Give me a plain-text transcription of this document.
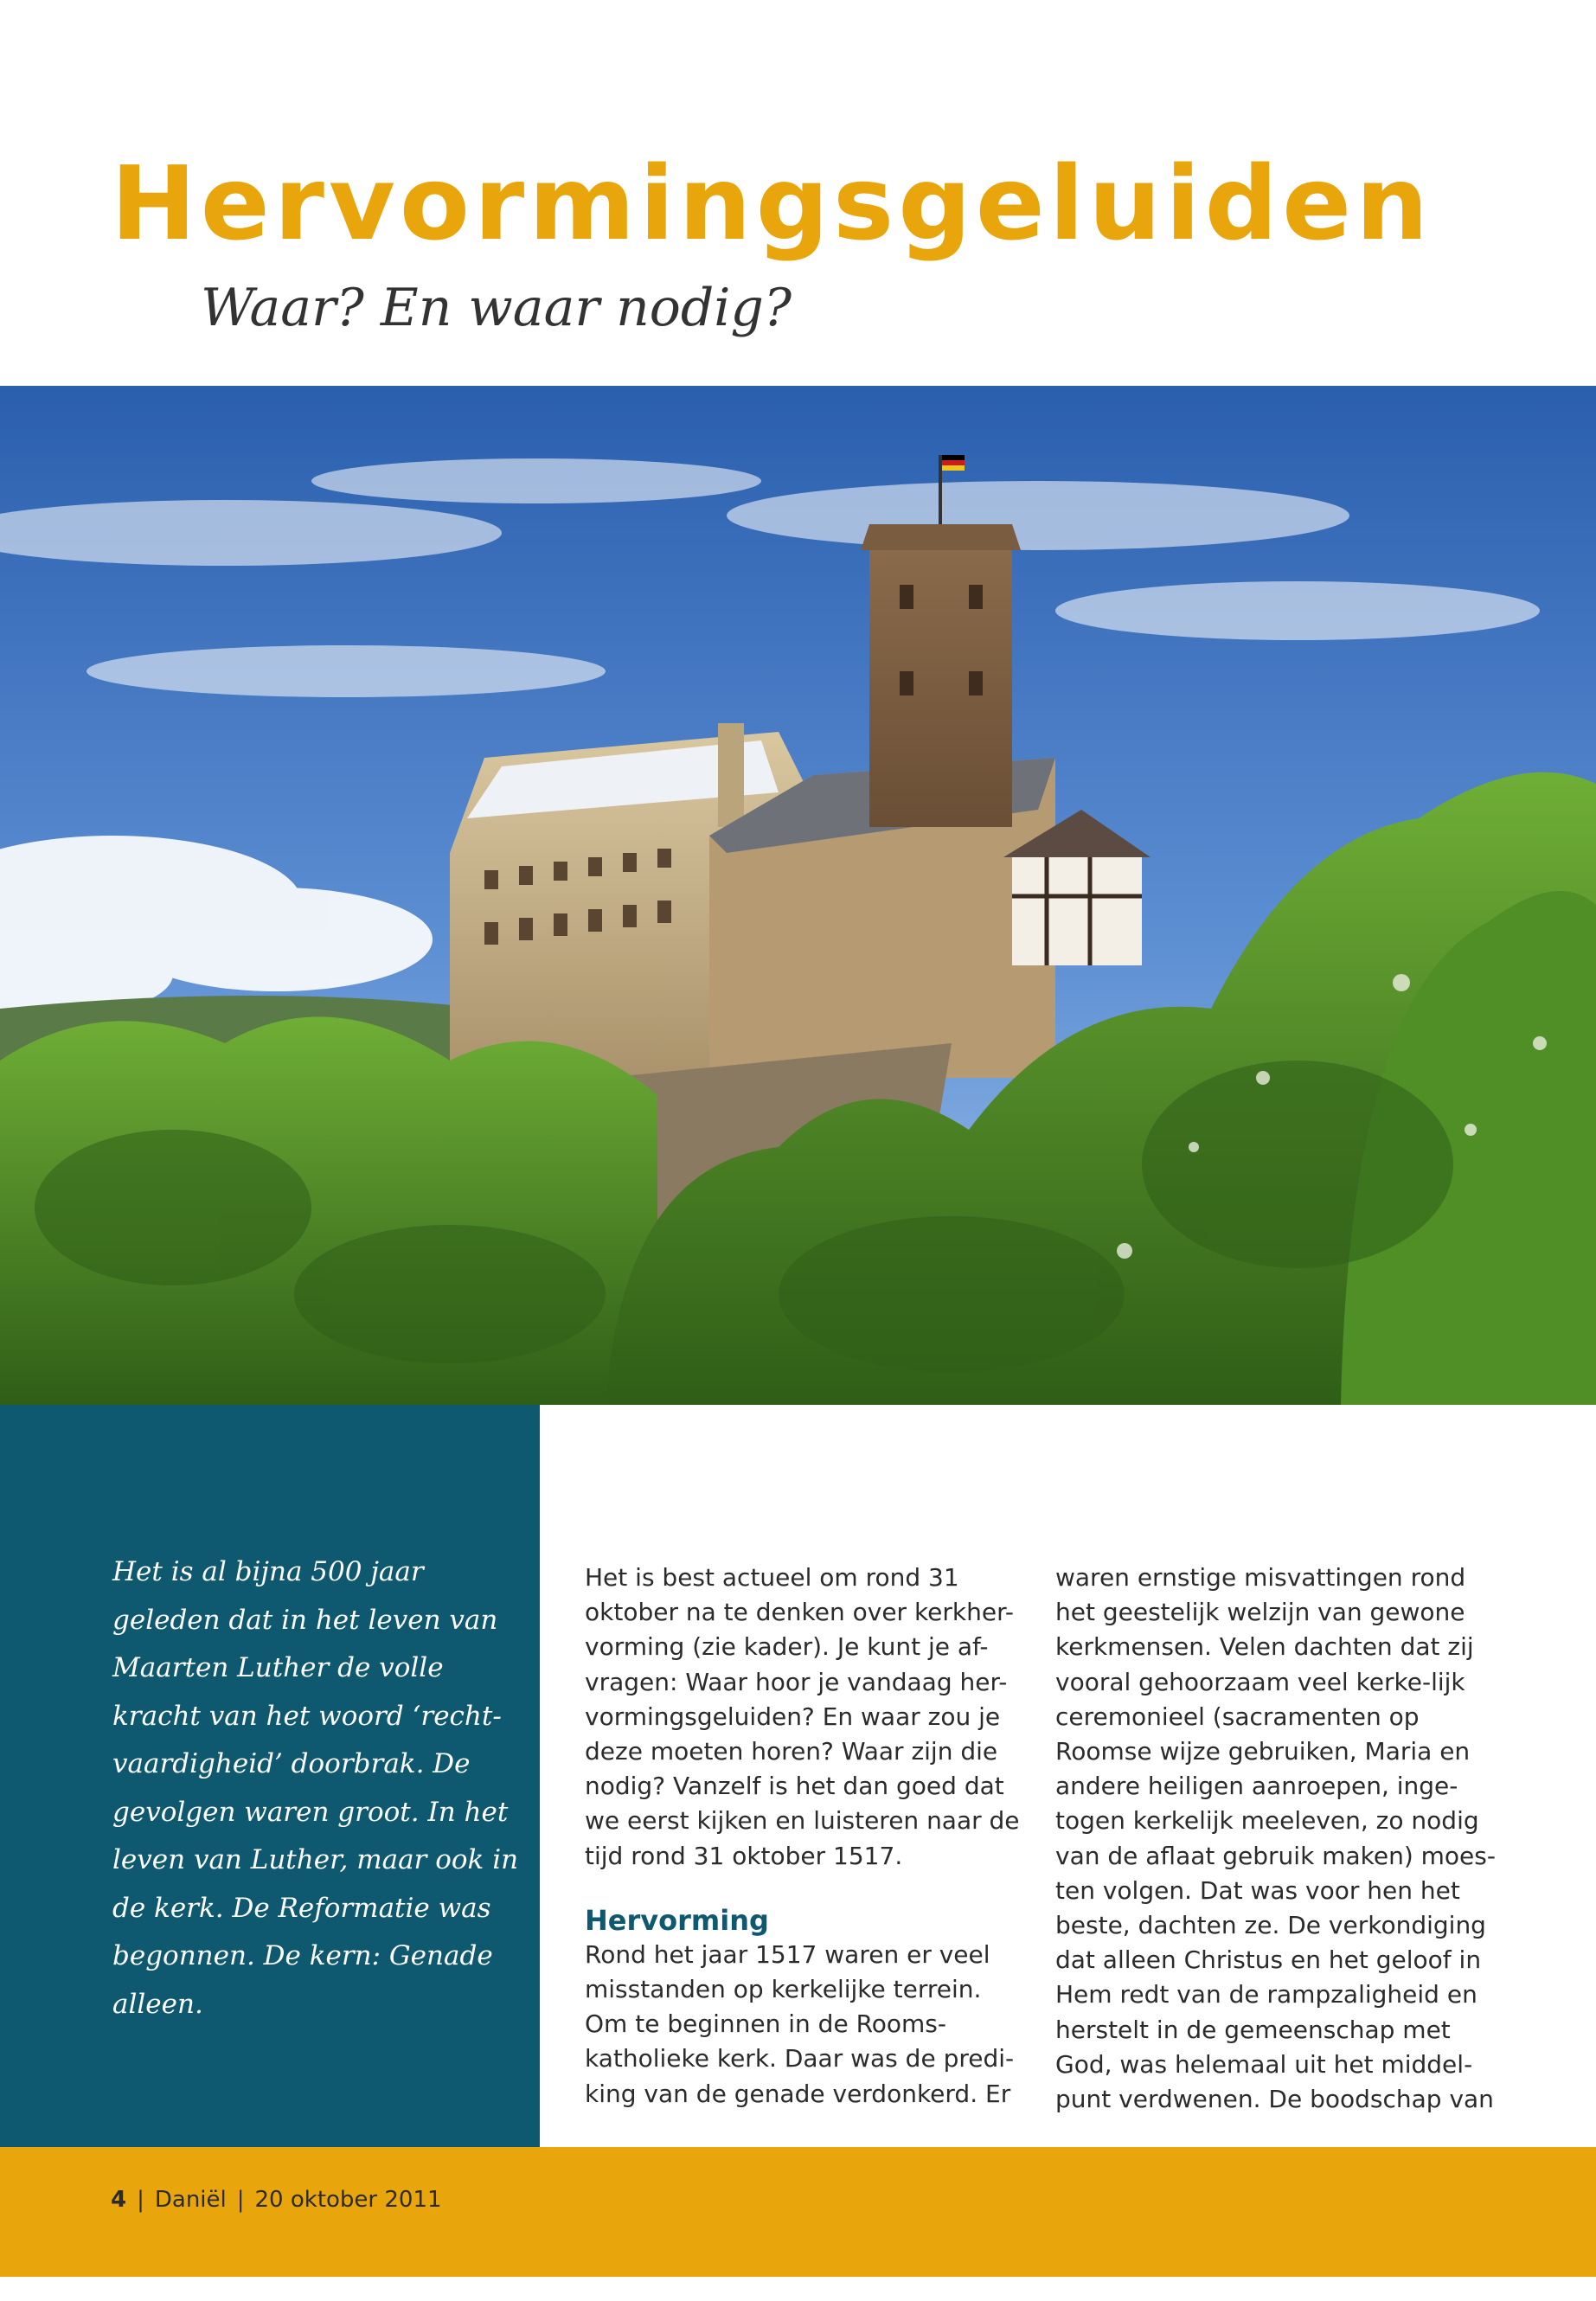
Hervormingsgeluiden
Waar? En waar nodig?
Het is al bijna 500 jaar geleden dat in het leven van Maarten Luther de volle kracht van het woord ‘recht-vaardigheid’ doorbrak. De gevolgen waren groot. In het leven van Luther, maar ook in de kerk. De Reformatie was begonnen. De kern: Genade alleen.

Het is best actueel om rond 31 oktober na te denken over kerkher-vorming (zie kader). Je kunt je af-vragen: Waar hoor je vandaag her-vormingsgeluiden? En waar zou je deze moeten horen? Waar zijn die nodig? Vanzelf is het dan goed dat we eerst kijken en luisteren naar de tijd rond 31 oktober 1517.

Hervorming

Rond het jaar 1517 waren er veel misstanden op kerkelijke terrein. Om te beginnen in de Rooms-katholieke kerk. Daar was de predi-king van de genade verdonkerd. Er

waren ernstige misvattingen rond het geestelijk welzijn van gewone kerkmensen. Velen dachten dat zij vooral gehoorzaam veel kerke-lijk ceremonieel (sacramenten op Roomse wijze gebruiken, Maria en andere heiligen aanroepen, inge-togen kerkelijk meeleven, zo nodig van de aflaat gebruik maken) moes-ten volgen. Dat was voor hen het beste, dachten ze. De verkondiging dat alleen Christus en het geloof in Hem redt van de rampzaligheid en herstelt in de gemeenschap met God, was helemaal uit het middel-punt verdwenen. De boodschap van

4 | Daniël | 20 oktober 2011
